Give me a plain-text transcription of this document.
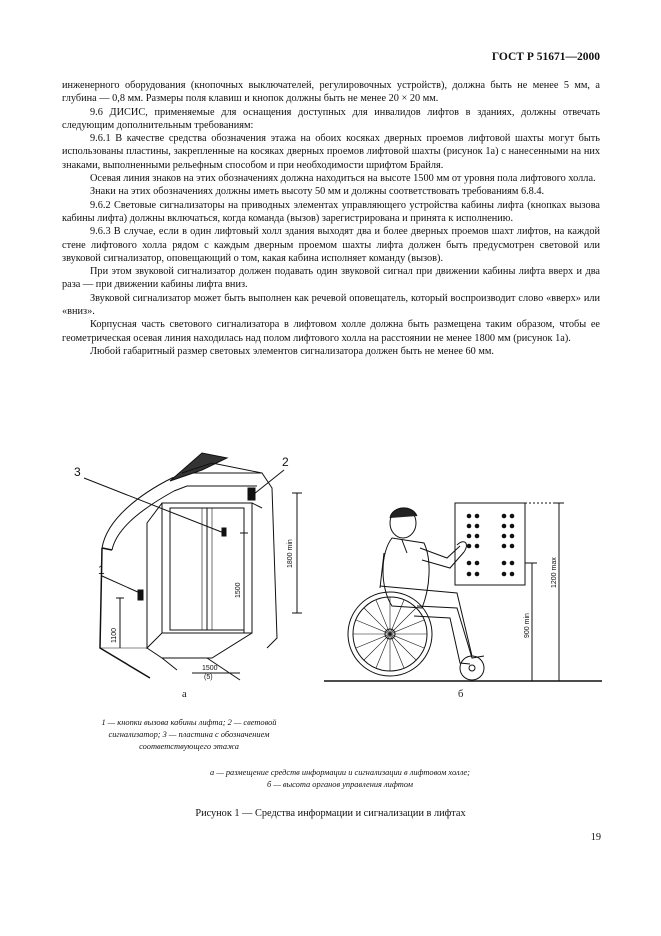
ГОСТ Р 51671—2000

инженерного оборудования (кнопочных выключателей, регулировочных устройств), должна быть не менее 5 мм, а глубина — 0,8 мм. Размеры поля клавиш и кнопок должны быть не менее 20 × 20 мм.

9.6 ДИСИС, применяемые для оснащения доступных для инвалидов лифтов в зданиях, должны отвечать следующим дополнительным требованиям:

9.6.1 В качестве средства обозначения этажа на обоих косяках дверных проемов лифтовой шахты могут быть использованы пластины, закрепленные на косяках дверных проемов лифтовой шахты (рисунок 1а) с нанесенными на них знаками, выполненными рельефным способом и при необходимости шрифтом Брайля.

Осевая линия знаков на этих обозначениях должна находиться на высоте 1500 мм от уровня пола лифтового холла.

Знаки на этих обозначениях должны иметь высоту 50 мм и должны соответствовать требованиям 6.8.4.

9.6.2 Световые сигнализаторы на приводных элементах управляющего устройства кабины лифта (кнопках вызова кабины лифта) должны включаться, когда команда (вызов) зарегистрирована и принята к исполнению.

9.6.3 В случае, если в один лифтовый холл здания выходят два и более дверных проемов шахт лифтов, на каждой стене лифтового холла рядом с каждым дверным проемом шахты лифта должен быть предусмотрен световой или звуковой сигнализатор, оповещающий о том, какая кабина исполняет команду (вызов).

При этом звуковой сигнализатор должен подавать один звуковой сигнал при движении кабины лифта вверх и два раза — при движении кабины лифта вниз.

Звуковой сигнализатор может быть выполнен как речевой оповещатель, который воспроизводит слово «вверх» или «вниз».

Корпусная часть светового сигнализатора в лифтовом холле должна быть размещена таким образом, чтобы ее геометрическая осевая линия находилась над полом лифтового холла на расстоянии не менее 1800 мм (рисунок 1а).

Любой габаритный размер световых элементов сигнализатора должен быть не менее 60 мм.

3
2
1
1800 min
1500
1100
1500
(5)
900 min
1200 max
а	б
1 — кнопки вызова кабины лифта; 2 — световой
сигнализатор; 3 — пластина с обозначением
соответствующего этажа
а — размещение средств информации и сигнализации в лифтовом холле;
б — высота органов управления лифтом
Рисунок 1 — Средства информации и сигнализации в лифтах
19
